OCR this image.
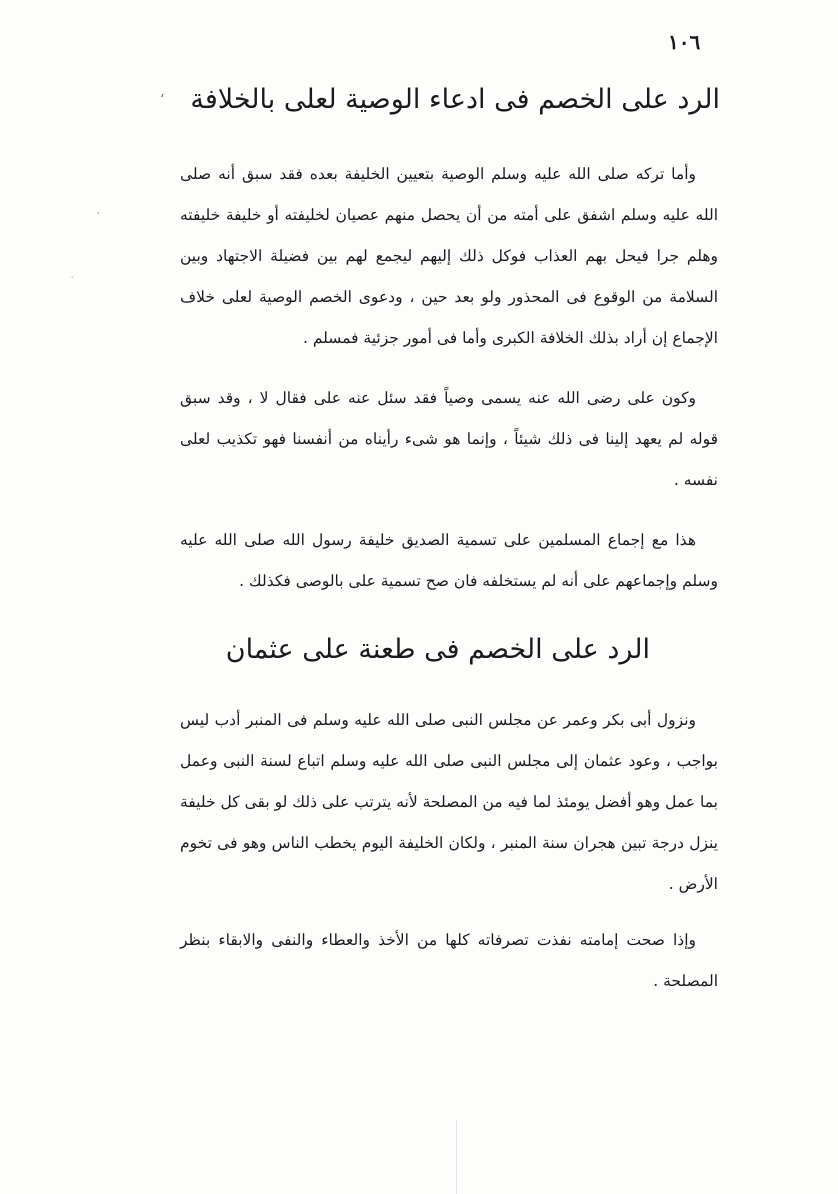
١٠٦
ʻ
·
·
الرد على الخصم فى ادعاء الوصية لعلى بالخلافة

وأما تركه صلى الله عليه وسلم الوصية بتعيين الخليفة بعده فقد سبق أنه صلى الله عليه وسلم اشفق على أمته من أن يحصل منهم عصيان لخليفته أو خليفة خليفته وهلم جرا فيحل بهم العذاب فوكل ذلك إليهم ليجمع لهم بين فضيلة الاجتهاد وبين السلامة من الوقوع فى المحذور ولو بعد حين ، ودعوى الخصم الوصية لعلى خلاف الإجماع إن أراد بذلك الخلافة الكبرى وأما فى أمور جزئية فمسلم .

وكون على رضى الله عنه يسمى وصياً فقد سئل عنه على فقال لا ، وقد سبق قوله لم يعهد إلينا فى ذلك شيئاً ، وإنما هو شىء رأيناه من أنفسنا فهو تكذيب لعلى نفسه .

هذا مع إجماع المسلمين على تسمية الصديق خليفة رسول الله صلى الله عليه وسلم وإجماعهم على أنه لم يستخلفه فان صح تسمية على بالوصى فكذلك .

الرد على الخصم فى طعنة على عثمان

ونزول أبى بكر وعمر عن مجلس النبى صلى الله عليه وسلم فى المنبر أدب ليس بواجب ، وعود عثمان إلى مجلس النبى صلى الله عليه وسلم اتباع لسنة النبى وعمل بما عمل وهو أفضل يومئذ لما فيه من المصلحة لأنه يترتب على ذلك لو بقى كل خليفة ينزل درجة تبين هجران سنة المنبر ، ولكان الخليفة اليوم يخطب الناس وهو فى تخوم الأرض .

وإذا صحت إمامته نفذت تصرفاته كلها من الأخذ والعطاء والنفى والابقاء بنظر المصلحة .
